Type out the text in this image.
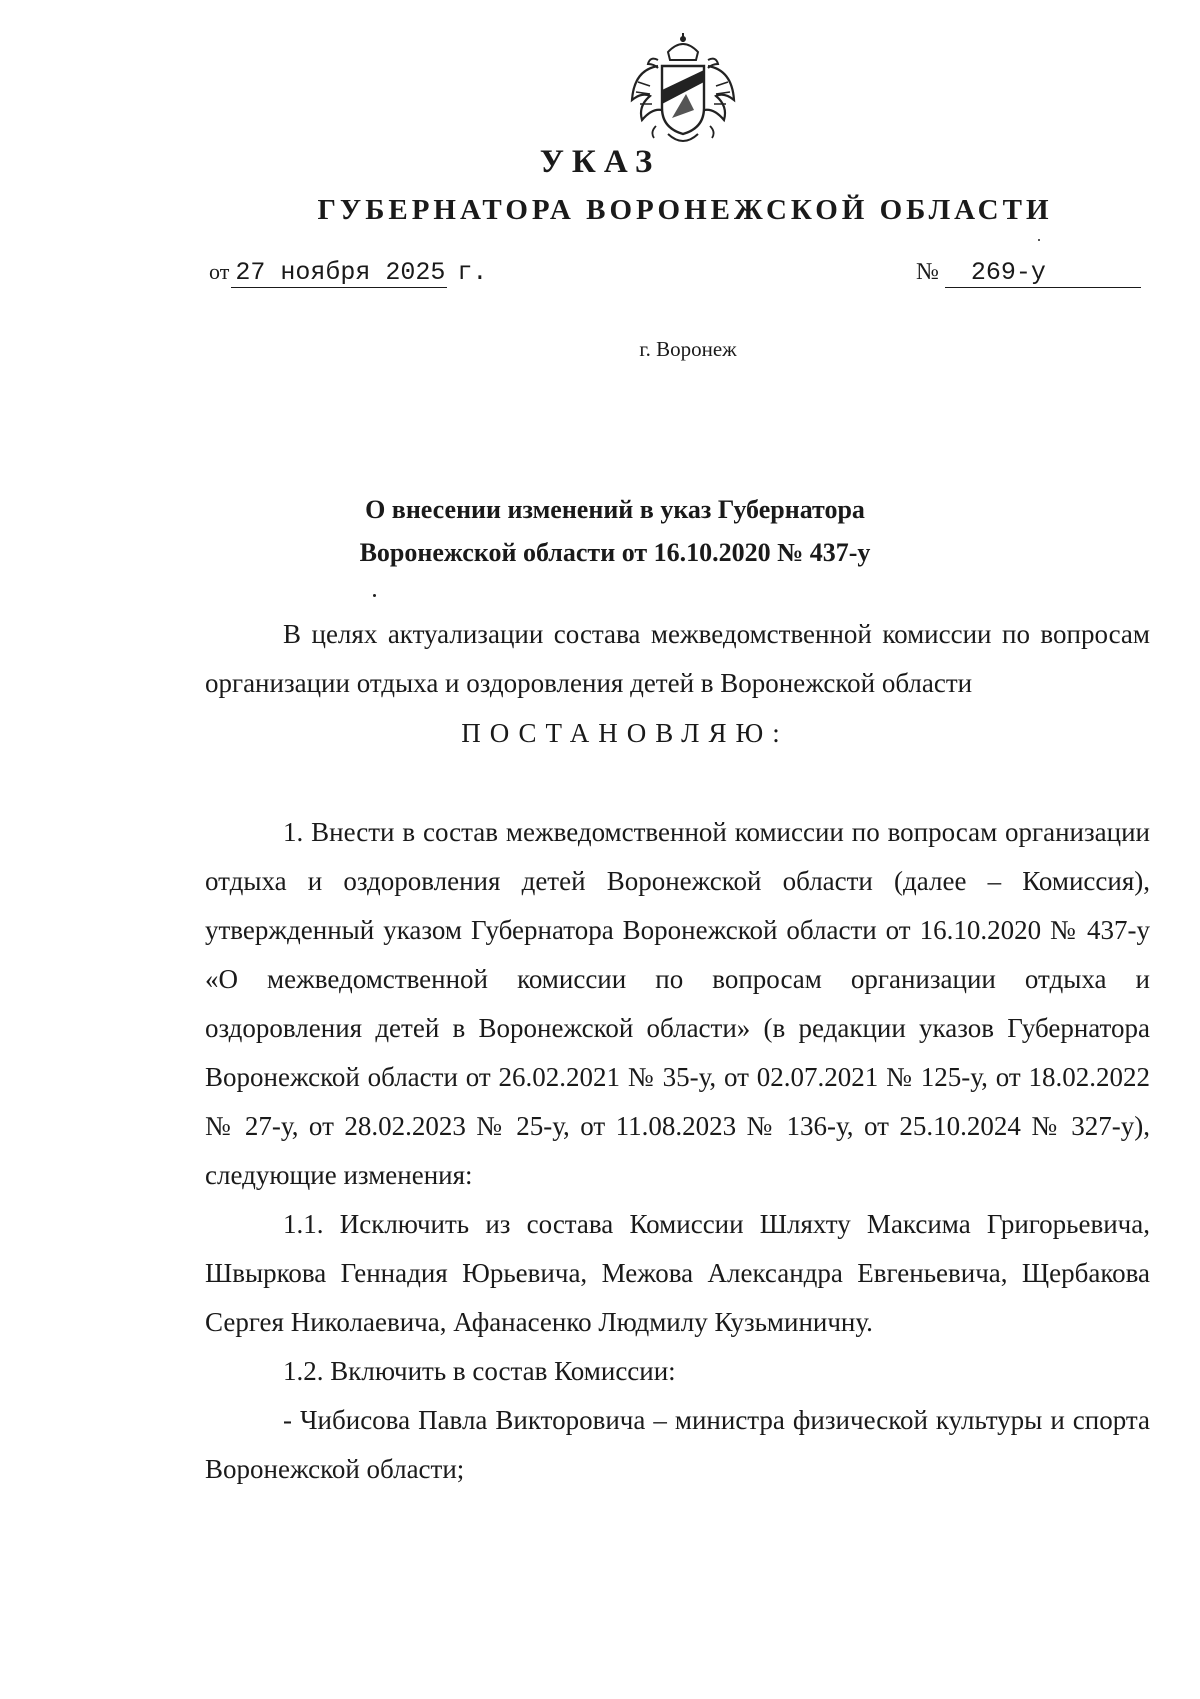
УКАЗ
ГУБЕРНАТОРА ВОРОНЕЖСКОЙ ОБЛАСТИ
от 27 ноября 2025 г.	№ 269-у
г. Воронеж
О внесении изменений в указ Губернатора
Воронежской области от 16.10.2020 № 437-у

В целях актуализации состава межведомственной комиссии по вопросам организации отдыха и оздоровления детей в Воронежской области

ПОСТАНОВЛЯЮ:

1. Внести в состав межведомственной комиссии по вопросам организации отдыха и оздоровления детей Воронежской области (далее – Комиссия), утвержденный указом Губернатора Воронежской области от 16.10.2020 № 437-у «О межведомственной комиссии по вопросам организации отдыха и оздоровления детей в Воронежской области» (в редакции указов Губернатора Воронежской области от 26.02.2021 № 35-у, от 02.07.2021 № 125-у, от 18.02.2022 № 27-у, от 28.02.2023 № 25-у, от 11.08.2023 № 136-у, от 25.10.2024 № 327-у), следующие изменения:

1.1. Исключить из состава Комиссии Шляхту Максима Григорьевича, Швыркова Геннадия Юрьевича, Межова Александра Евгеньевича, Щербакова Сергея Николаевича, Афанасенко Людмилу Кузьминичну.

1.2. Включить в состав Комиссии:

- Чибисова Павла Викторовича – министра физической культуры и спорта Воронежской области;
